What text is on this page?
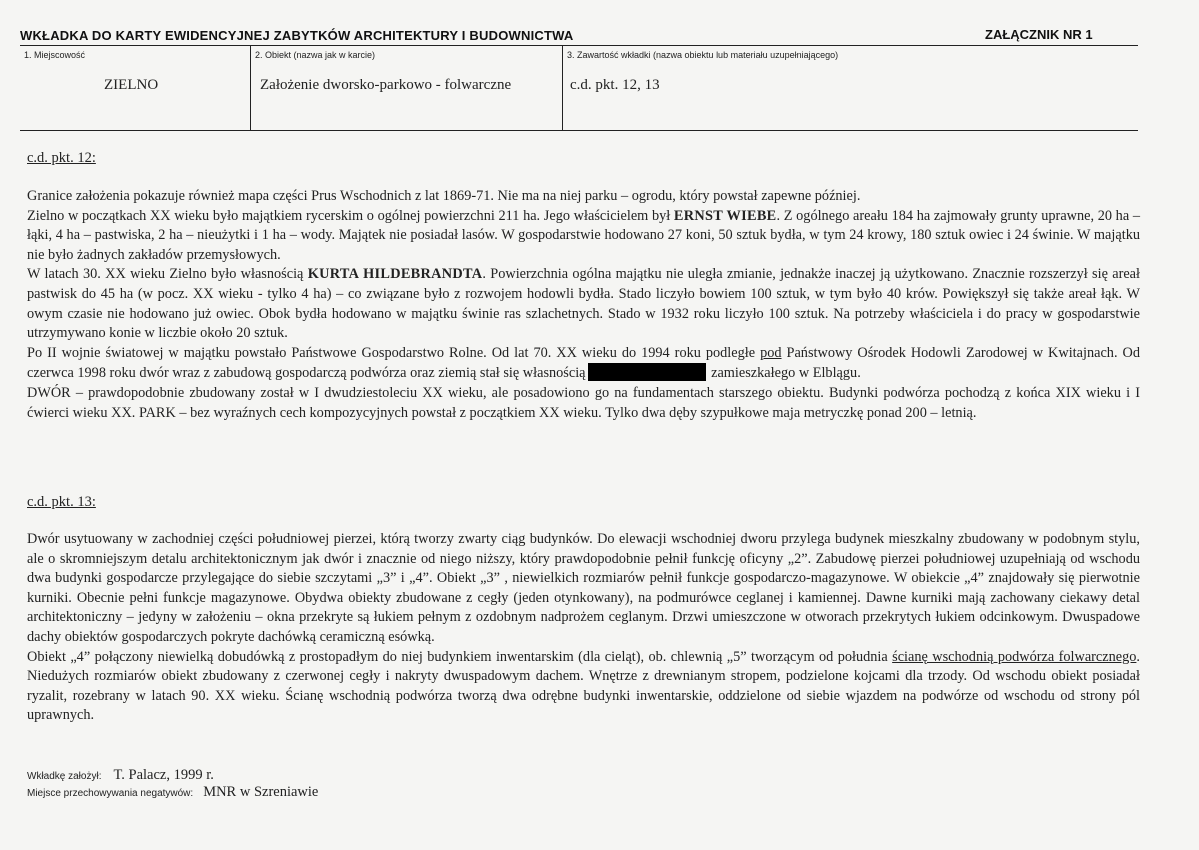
WKŁADKA DO KARTY EWIDENCYJNEJ ZABYTKÓW ARCHITEKTURY I BUDOWNICTWA	ZAŁĄCZNIK NR 1
1. Miejscowość	2. Obiekt (nazwa jak w karcie)	3. Zawartość wkładki (nazwa obiektu lub materiału uzupełniającego)
ZIELNO	Założenie dworsko-parkowo - folwarczne	c.d. pkt. 12, 13
c.d. pkt. 12:

Granice założenia pokazuje również mapa części Prus Wschodnich z lat 1869-71. Nie ma na niej parku – ogrodu, który powstał zapewne później.

Zielno w początkach XX wieku było majątkiem rycerskim o ogólnej powierzchni 211 ha. Jego właścicielem był ERNST WIEBE. Z ogólnego areału 184 ha zajmowały grunty uprawne, 20 ha – łąki, 4 ha – pastwiska, 2 ha – nieużytki i 1 ha – wody. Majątek nie posiadał lasów. W gospodarstwie hodowano 27 koni, 50 sztuk bydła, w tym 24 krowy, 180 sztuk owiec i 24 świnie. W majątku nie było żadnych zakładów przemysłowych.

W latach 30. XX wieku Zielno było własnością KURTA HILDEBRANDTA. Powierzchnia ogólna majątku nie uległa zmianie, jednakże inaczej ją użytkowano. Znacznie rozszerzył się areał pastwisk do 45 ha (w pocz. XX wieku - tylko 4 ha) – co związane było z rozwojem hodowli bydła. Stado liczyło bowiem 100 sztuk, w tym było 40 krów. Powiększył się także areał łąk. W owym czasie nie hodowano już owiec. Obok bydła hodowano w majątku świnie ras szlachetnych. Stado w 1932 roku liczyło 100 sztuk. Na potrzeby właściciela i do pracy w gospodarstwie utrzymywano konie w liczbie około 20 sztuk.

Po II wojnie światowej w majątku powstało Państwowe Gospodarstwo Rolne. Od lat 70. XX wieku do 1994 roku podległe pod Państwowy Ośrodek Hodowli Zarodowej w Kwitajnach. Od czerwca 1998 roku dwór wraz z zabudową gospodarczą podwórza oraz ziemią stał się własnością	zamieszkałego w Elblągu.

DWÓR – prawdopodobnie zbudowany został w I dwudziestoleciu XX wieku, ale posadowiono go na fundamentach starszego obiektu. Budynki podwórza pochodzą z końca XIX wieku i I ćwierci wieku XX. PARK – bez wyraźnych cech kompozycyjnych powstał z początkiem XX wieku. Tylko dwa dęby szypułkowe maja metryczkę ponad 200 – letnią.

c.d. pkt. 13:

Dwór usytuowany w zachodniej części południowej pierzei, którą tworzy zwarty ciąg budynków. Do elewacji wschodniej dworu przylega budynek mieszkalny zbudowany w podobnym stylu, ale o skromniejszym detalu architektonicznym jak dwór i znacznie od niego niższy, który prawdopodobnie pełnił funkcję oficyny „2”. Zabudowę pierzei południowej uzupełniają od wschodu dwa budynki gospodarcze przylegające do siebie szczytami „3” i „4”. Obiekt „3” , niewielkich rozmiarów pełnił funkcje gospodarczo-magazynowe. W obiekcie „4” znajdowały się pierwotnie kurniki. Obecnie pełni funkcje magazynowe. Obydwa obiekty zbudowane z cegły (jeden otynkowany), na podmurówce ceglanej i kamiennej. Dawne kurniki mają zachowany ciekawy detal architektoniczny – jedyny w założeniu – okna przekryte są łukiem pełnym z ozdobnym nadprożem ceglanym. Drzwi umieszczone w otworach przekrytych łukiem odcinkowym. Dwuspadowe dachy obiektów gospodarczych pokryte dachówką ceramiczną esówką.

Obiekt „4” połączony niewielką dobudówką z prostopadłym do niej budynkiem inwentarskim (dla cieląt), ob. chlewnią „5” tworzącym od południa ścianę wschodnią podwórza folwarcznego. Niedużych rozmiarów obiekt zbudowany z czerwonej cegły i nakryty dwuspadowym dachem. Wnętrze z drewnianym stropem, podzielone kojcami dla trzody. Od wschodu obiekt posiadał ryzalit, rozebrany w latach 90. XX wieku. Ścianę wschodnią podwórza tworzą dwa odrębne budynki inwentarskie, oddzielone od siebie wjazdem na podwórze od wschodu od strony pól uprawnych.

Wkładkę założył: T. Palacz, 1999 r.
Miejsce przechowywania negatywów: MNR w Szreniawie
